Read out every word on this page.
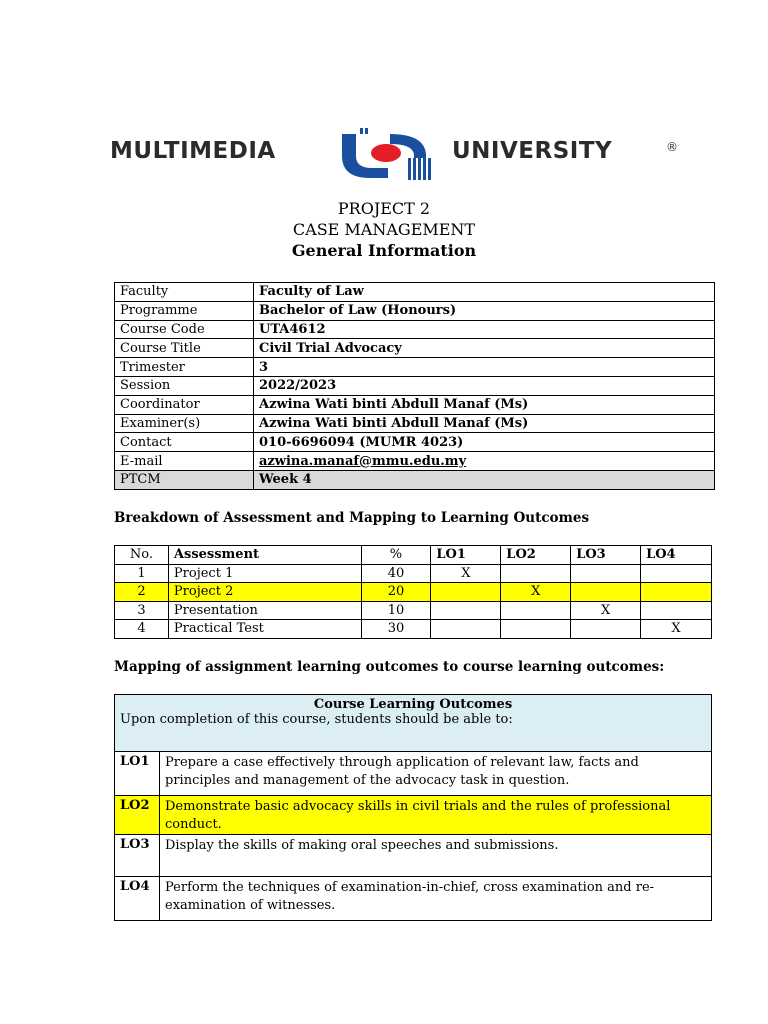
MULTIMEDIA	UNIVERSITY	®
PROJECT 2
CASE MANAGEMENT
General Information
Faculty	Faculty of Law
Programme	Bachelor of Law (Honours)
Course Code	UTA4612
Course Title	Civil Trial Advocacy
Trimester	3
Session	2022/2023
Coordinator	Azwina Wati binti Abdull Manaf (Ms)
Examiner(s)	Azwina Wati binti Abdull Manaf (Ms)
Contact	010-6696094 (MUMR 4023)
E-mail	azwina.manaf@mmu.edu.my
PTCM	Week 4
Breakdown of Assessment and Mapping to Learning Outcomes
No.	Assessment	%	LO1	LO2	LO3	LO4
1	Project 1	40	X			
2	Project 2	20		X		
3	Presentation	10			X	
4	Practical Test	30				X
Mapping of assignment learning outcomes to course learning outcomes:
Course Learning Outcomes
Upon completion of this course, students should be able to:	

LO1	Prepare a case effectively through application of relevant law, facts and principles and management of the advocacy task in question.
LO2	Demonstrate basic advocacy skills in civil trials and the rules of professional conduct.
LO3	Display the skills of making oral speeches and submissions.
LO4	Perform the techniques of examination-in-chief, cross examination and re-examination of witnesses.
